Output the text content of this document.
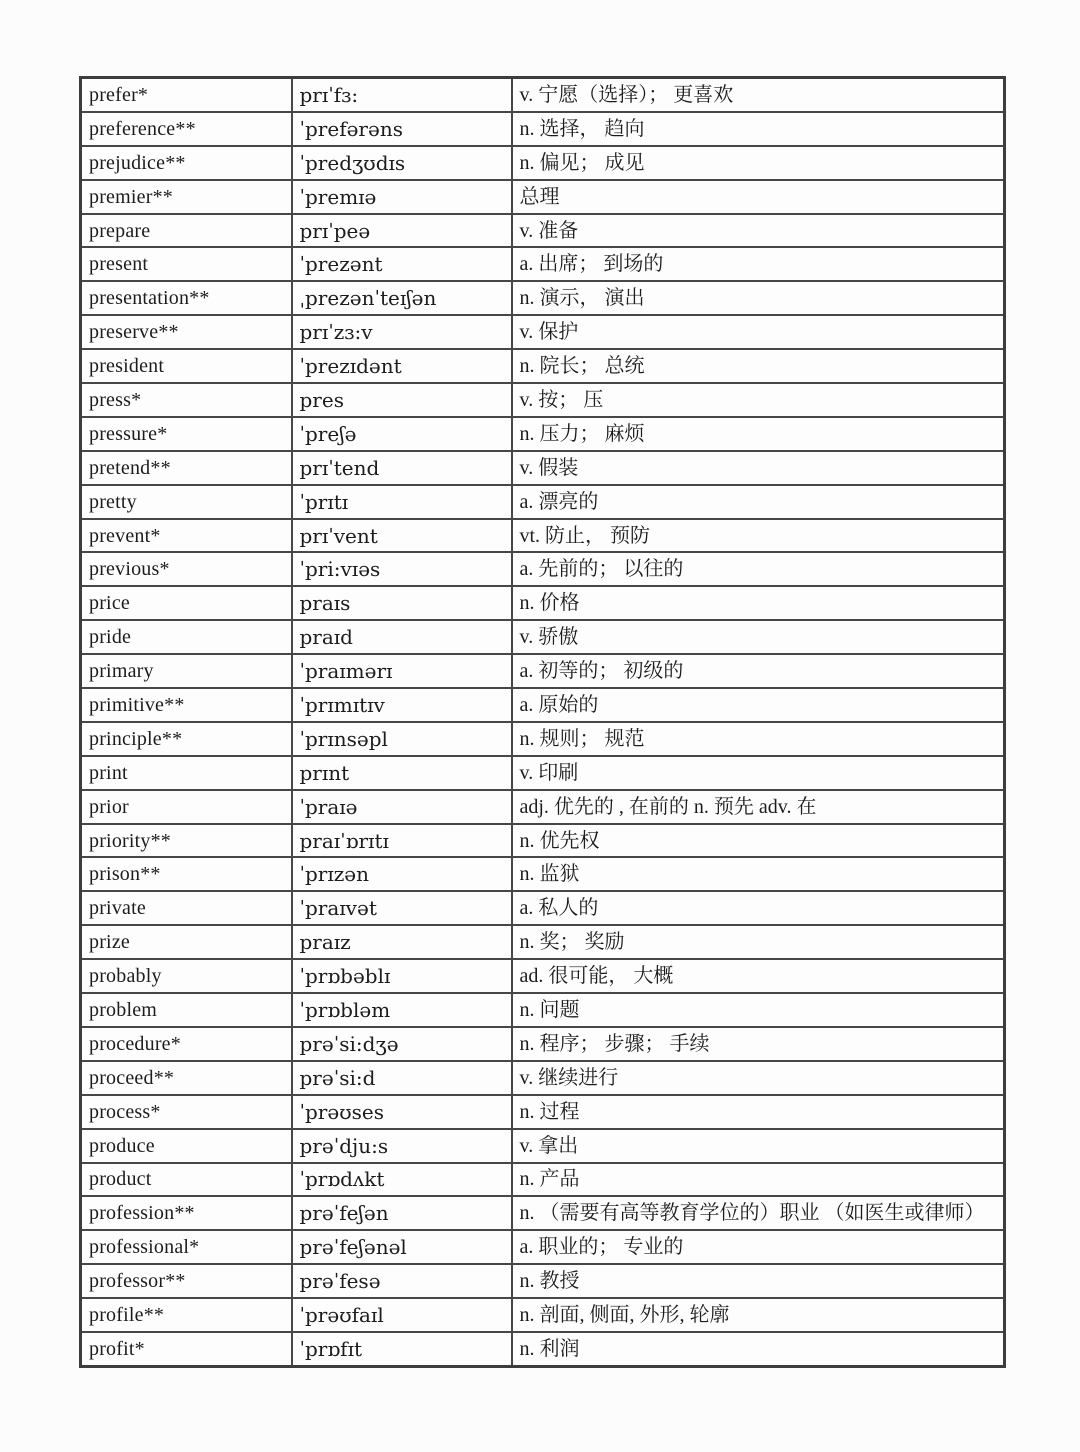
prefer*	prɪˈfɜ:	v. 宁愿（选择）； 更喜欢
preference**	ˈprefərəns	n. 选择， 趋向
prejudice**	ˈpredʒʊdɪs	n. 偏见； 成见
premier**	ˈpremɪə	总理
prepare	prɪˈpeə	v. 准备
present	ˈprezənt	a. 出席； 到场的
presentation**	ˌprezənˈteɪʃən	n. 演示， 演出
preserve**	prɪˈzɜ:v	v. 保护
president	ˈprezɪdənt	n. 院长； 总统
press*	pres	v. 按； 压
pressure*	ˈpreʃə	n. 压力； 麻烦
pretend**	prɪˈtend	v. 假装
pretty	ˈprɪtɪ	a. 漂亮的
prevent*	prɪˈvent	vt. 防止， 预防
previous*	ˈpri:vɪəs	a. 先前的； 以往的
price	praɪs	n. 价格
pride	praɪd	v. 骄傲
primary	ˈpraɪmərɪ	a. 初等的； 初级的
primitive**	ˈprɪmɪtɪv	a. 原始的
principle**	ˈprɪnsəpl	n. 规则； 规范
print	prɪnt	v. 印刷
prior	ˈpraɪə	adj. 优先的 , 在前的 n. 预先 adv. 在
priority**	praɪˈɒrɪtɪ	n. 优先权
prison**	ˈprɪzən	n. 监狱
private	ˈpraɪvət	a. 私人的
prize	praɪz	n. 奖； 奖励
probably	ˈprɒbəblɪ	ad. 很可能， 大概
problem	ˈprɒbləm	n. 问题
procedure*	prəˈsi:dʒə	n. 程序； 步骤； 手续
proceed**	prəˈsi:d	v. 继续进行
process*	ˈprəʊses	n. 过程
produce	prəˈdju:s	v. 拿出
product	ˈprɒdʌkt	n. 产品
profession**	prəˈfeʃən	n. （需要有高等教育学位的）职业 （如医生或律师）
professional*	prəˈfeʃənəl	a. 职业的； 专业的
professor**	prəˈfesə	n. 教授
profile**	ˈprəʊfaɪl	n. 剖面, 侧面, 外形, 轮廓
profit*	ˈprɒfɪt	n. 利润
